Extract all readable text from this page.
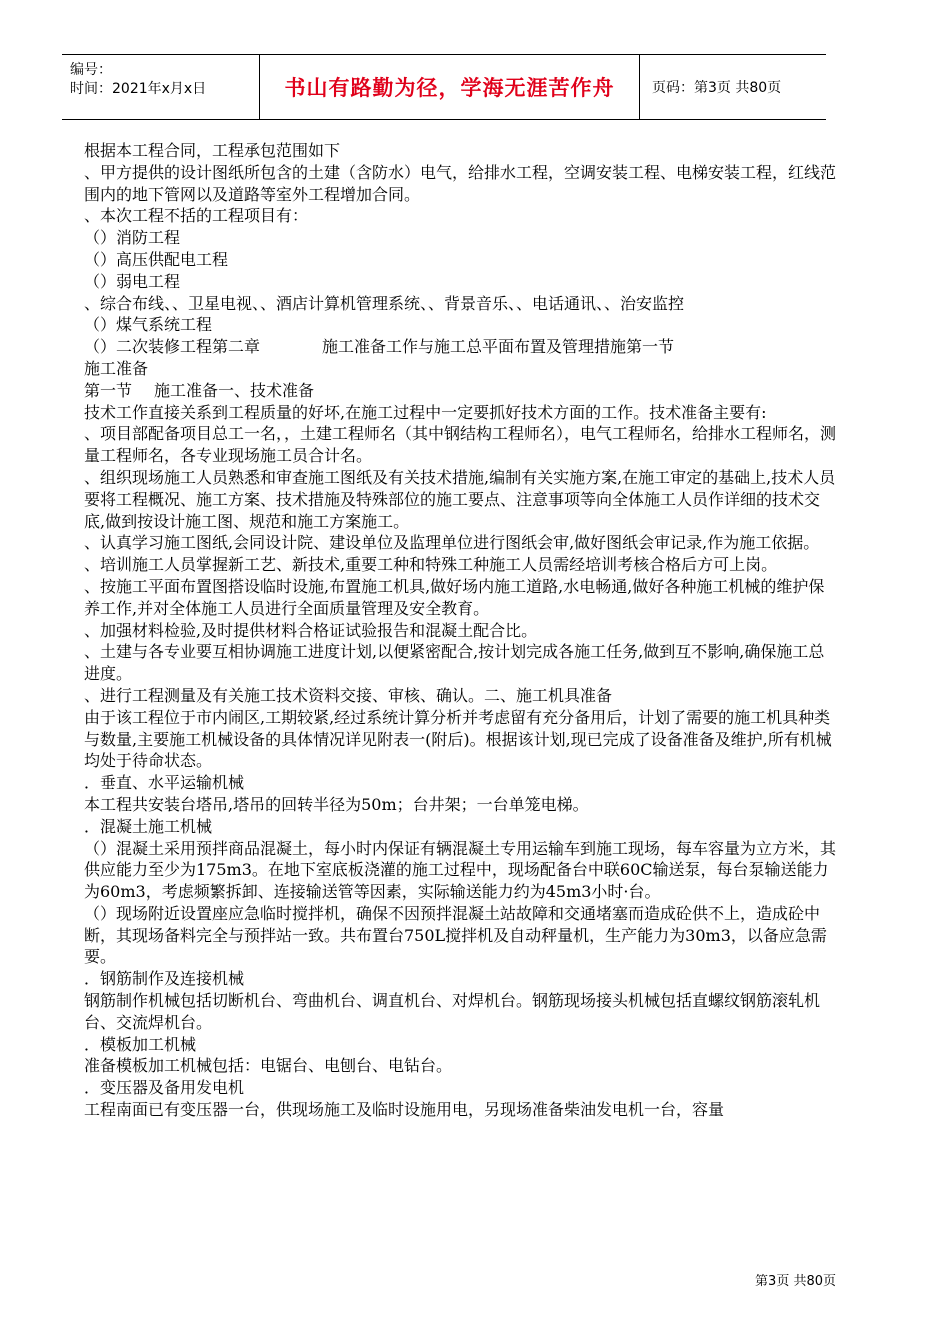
编号：
时间：2021年x月x日	书山有路勤为径，学海无涯苦作舟	页码：第3页 共80页

根据本工程合同，工程承包范围如下

、甲方提供的设计图纸所包含的土建（含防水）电气，给排水工程，空调安装工程、电梯安装工程，红线范围内的地下管网以及道路等室外工程增加合同。

、本次工程不括的工程项目有：

（）消防工程

（）高压供配电工程

（）弱电工程

、综合布线、、卫星电视、、酒店计算机管理系统、、背景音乐、、电话通讯、、治安监控

（）煤气系统工程

（）二次装修工程第二章	施工准备工作与施工总平面布置及管理措施第一节

施工准备

第一节 施工准备一、技术准备

技术工作直接关系到工程质量的好坏,在施工过程中一定要抓好技术方面的工作。技术准备主要有:

、项目部配备项目总工一名，，土建工程师名（其中钢结构工程师名），电气工程师名，给排水工程师名，测量工程师名，各专业现场施工员合计名。

、组织现场施工人员熟悉和审查施工图纸及有关技术措施,编制有关实施方案,在施工审定的基础上,技术人员要将工程概况、施工方案、技术措施及特殊部位的施工要点、注意事项等向全体施工人员作详细的技术交底,做到按设计施工图、规范和施工方案施工。

、认真学习施工图纸,会同设计院、建设单位及监理单位进行图纸会审,做好图纸会审记录,作为施工依据。

、培训施工人员掌握新工艺、新技术,重要工种和特殊工种施工人员需经培训考核合格后方可上岗。

、按施工平面布置图搭设临时设施,布置施工机具,做好场内施工道路,水电畅通,做好各种施工机械的维护保养工作,并对全体施工人员进行全面质量管理及安全教育。

、加强材料检验,及时提供材料合格证试验报告和混凝土配合比。

、土建与各专业要互相协调施工进度计划,以便紧密配合,按计划完成各施工任务,做到互不影响,确保施工总进度。

、进行工程测量及有关施工技术资料交接、审核、确认。二、施工机具准备

由于该工程位于市内闹区,工期较紧,经过系统计算分析并考虑留有充分备用后，计划了需要的施工机具种类与数量,主要施工机械设备的具体情况详见附表一(附后)。根据该计划,现已完成了设备准备及维护,所有机械均处于待命状态。

．垂直、水平运输机械

本工程共安装台塔吊,塔吊的回转半径为50m；台井架；一台单笼电梯。

．混凝土施工机械

（）混凝土采用预拌商品混凝土，每小时内保证有辆混凝土专用运输车到施工现场，每车容量为立方米，其供应能力至少为175m3。在地下室底板浇灌的施工过程中，现场配备台中联60C输送泵，每台泵输送能力为60m3，考虑频繁拆卸、连接输送管等因素，实际输送能力约为45m3小时·台。

（）现场附近设置座应急临时搅拌机，确保不因预拌混凝土站故障和交通堵塞而造成砼供不上，造成砼中断，其现场备料完全与预拌站一致。共布置台750L搅拌机及自动秤量机，生产能力为30m3，以备应急需要。

．钢筋制作及连接机械

钢筋制作机械包括切断机台、弯曲机台、调直机台、对焊机台。钢筋现场接头机械包括直螺纹钢筋滚轧机台、交流焊机台。

．模板加工机械

准备模板加工机械包括：电锯台、电刨台、电钻台。

．变压器及备用发电机

工程南面已有变压器一台，供现场施工及临时设施用电，另现场准备柴油发电机一台，容量

第3页 共80页
